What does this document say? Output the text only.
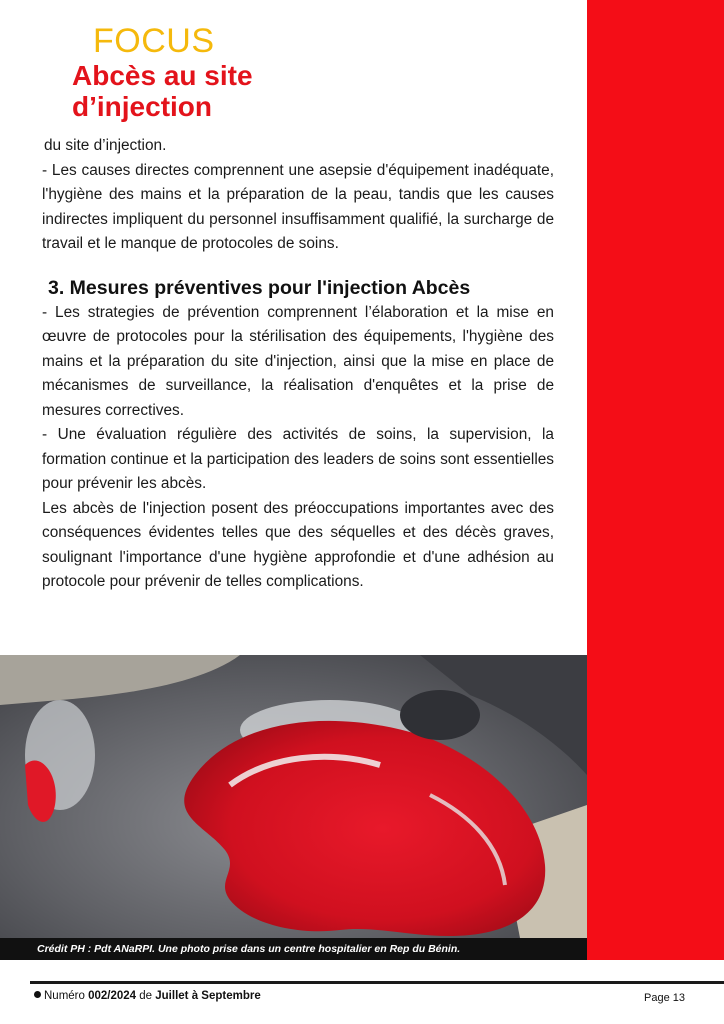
FOCUS
Abcès au site
d’injection

du site d’injection.

- Les causes directes comprennent une asepsie d'équipement inadéquate, l'hygiène des mains et la préparation de la peau, tandis que les causes indirectes impliquent du personnel insuffisamment qualifié, la surcharge de travail et le manque de protocoles de soins.

3. Mesures préventives pour l'injection Abcès

- Les strategies de prévention comprennent l’élaboration et la mise en œuvre de protocoles pour la stérilisation des équipements, l'hygiène des mains et la préparation du site d'injection, ainsi que la mise en place de mécanismes de surveillance, la réalisation d'enquêtes et la prise de mesures correctives.

- Une évaluation régulière des activités de soins, la supervision, la formation continue et la participation des leaders de soins sont essentielles pour prévenir les abcès.

Les abcès de l'injection posent des préoccupations importantes avec des conséquences évidentes telles que des séquelles et des décès graves, soulignant l'importance d'une hygiène approfondie et d'une adhésion au protocole pour prévenir de telles complications.

Crédit PH : Pdt ANaRPI. Une photo prise dans un centre hospitalier en Rep du Bénin.
Numéro 002/2024 de Juillet à Septembre	Page 13
